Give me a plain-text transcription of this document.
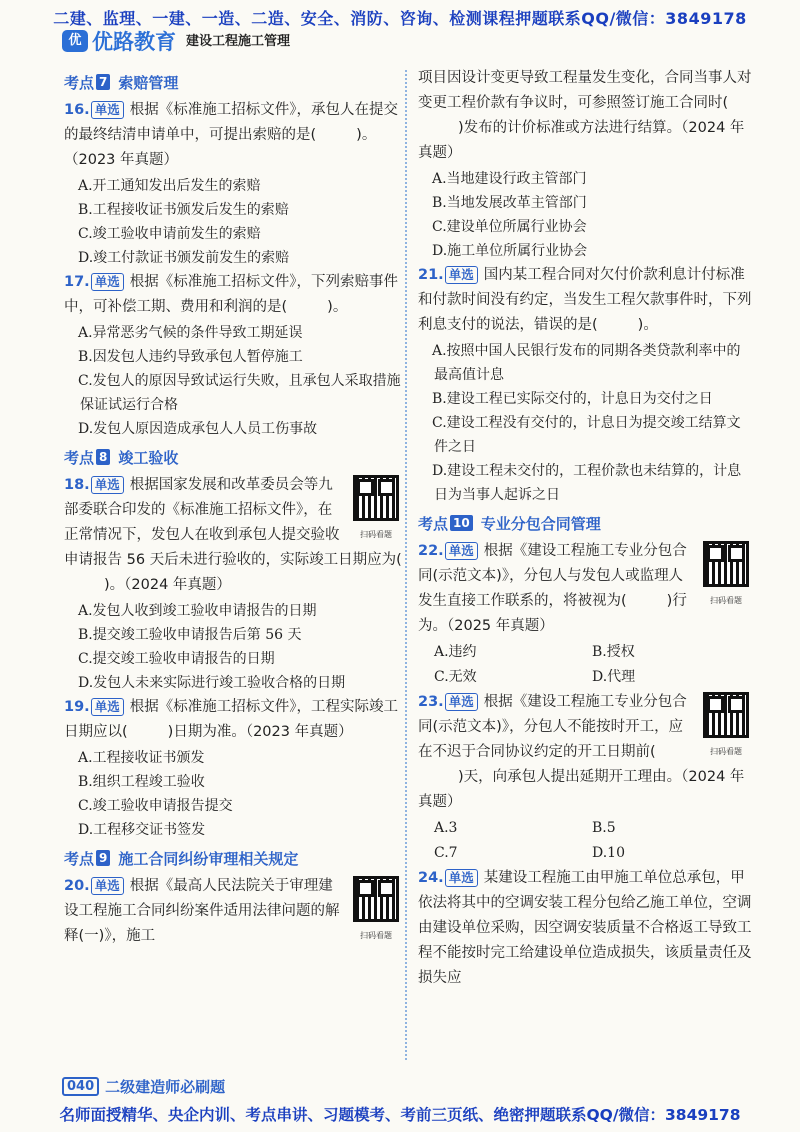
二建、监理、一建、一造、二造、安全、消防、咨询、检测课程押题联系QQ/微信：3849178
优 优路教育 建设工程施工管理
考点 7 索赔管理
16. 单选 根据《标准施工招标文件》，承包人在提交的最终结清申请单中，可提出索赔的是(	)。（2023 年真题）
A.开工通知发出后发生的索赔
B.工程接收证书颁发后发生的索赔
C.竣工验收申请前发生的索赔
D.竣工付款证书颁发前发生的索赔
17. 单选 根据《标准施工招标文件》，下列索赔事件中，可补偿工期、费用和利润的是(	)。
A.异常恶劣气候的条件导致工期延误
B.因发包人违约导致承包人暂停施工
C.发包人的原因导致试运行失败，且承包人采取措施保证试运行合格
D.发包人原因造成承包人人员工伤事故
考点 8 竣工验收
扫码看题
18. 单选 根据国家发展和改革委员会等九部委联合印发的《标准施工招标文件》，在正常情况下，发包人在收到承包人提交验收申请报告 56 天后未进行验收的，实际竣工日期应为()。（2024 年真题）
A.发包人收到竣工验收申请报告的日期
B.提交竣工验收申请报告后第 56 天
C.提交竣工验收申请报告的日期
D.发包人未来实际进行竣工验收合格的日期
19. 单选 根据《标准施工招标文件》，工程实际竣工日期应以(	)日期为准。（2023 年真题）
A.工程接收证书颁发
B.组织工程竣工验收
C.竣工验收申请报告提交
D.工程移交证书签发
考点 9 施工合同纠纷审理相关规定
扫码看题
20. 单选 根据《最高人民法院关于审理建设工程施工合同纠纷案件适用法律问题的解释(一)》，施工
项目因设计变更导致工程量发生变化，合同当事人对变更工程价款有争议时，可参照签订施工合同时()发布的计价标准或方法进行结算。（2024 年真题）
A.当地建设行政主管部门
B.当地发展改革主管部门
C.建设单位所属行业协会
D.施工单位所属行业协会
21. 单选 国内某工程合同对欠付价款利息计付标准和付款时间没有约定，当发生工程欠款事件时，下列利息支付的说法，错误的是(	)。
A.按照中国人民银行发布的同期各类贷款利率中的最高值计息
B.建设工程已实际交付的，计息日为交付之日
C.建设工程没有交付的，计息日为提交竣工结算文件之日
D.建设工程未交付的，工程价款也未结算的，计息日为当事人起诉之日
考点 10 专业分包合同管理
扫码看题
22. 单选 根据《建设工程施工专业分包合同(示范文本)》，分包人与发包人或监理人发生直接工作联系的，将被视为(	)行为。（2025 年真题）
A.违约	B.授权
C.无效	D.代理
扫码看题
23. 单选 根据《建设工程施工专业分包合同(示范文本)》，分包人不能按时开工，应在不迟于合同协议约定的开工日期前()天，向承包人提出延期开工理由。（2024 年真题）
A.3	B.5
C.7	D.10
24. 单选 某建设工程施工由甲施工单位总承包，甲依法将其中的空调安装工程分包给乙施工单位，空调由建设单位采购，因空调安装质量不合格返工导致工程不能按时完工给建设单位造成损失，该质量责任及损失应
040 二级建造师必刷题
名师面授精华、央企内训、考点串讲、习题模考、考前三页纸、绝密押题联系QQ/微信：3849178
